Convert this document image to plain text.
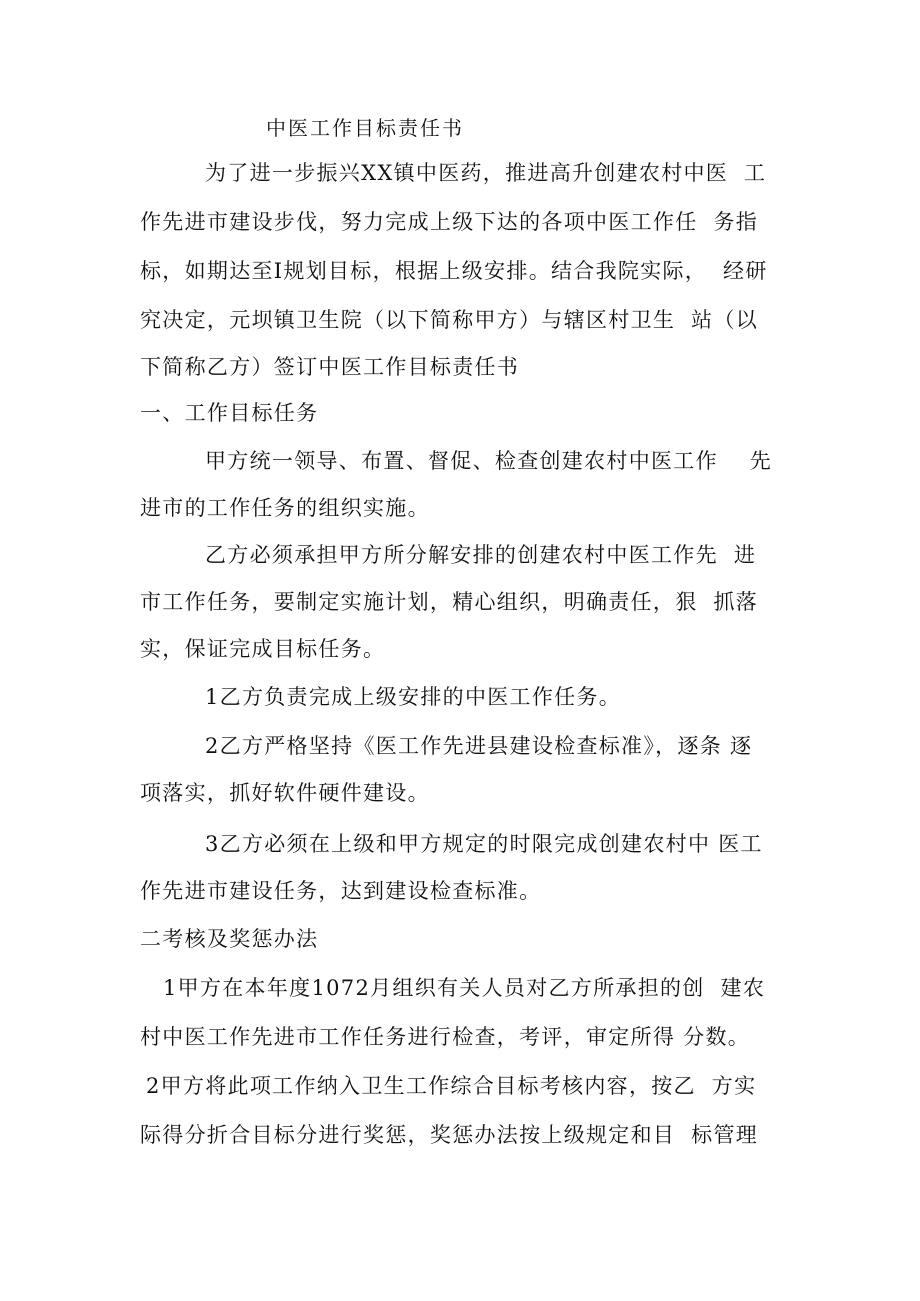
中医工作目标责任书
为了进一步振兴XX镇中医药，推进高升创建农村中医  工
作先进市建设步伐，努力完成上级下达的各项中医工作任  务指
标，如期达至I规划目标，根据上级安排。结合我院实际，  经研
究决定，元坝镇卫生院（以下简称甲方）与辖区村卫生  站（以
下简称乙方）签订中医工作目标责任书
一、工作目标任务
甲方统一领导、布置、督促、检查创建农村中医工作    先
进市的工作任务的组织实施。
乙方必须承担甲方所分解安排的创建农村中医工作先  进
市工作任务，要制定实施计划，精心组织，明确责任，狠  抓落
实，保证完成目标任务。
1乙方负责完成上级安排的中医工作任务。
2乙方严格坚持《医工作先进县建设检查标准》，逐条 逐
项落实，抓好软件硬件建设。
3乙方必须在上级和甲方规定的时限完成创建农村中 医工
作先进市建设任务，达到建设检查标准。
二考核及奖惩办法
1甲方在本年度1072月组织有关人员对乙方所承担的创  建农
村中医工作先进市工作任务进行检查，考评，审定所得 分数。
2甲方将此项工作纳入卫生工作综合目标考核内容，按乙  方实
际得分折合目标分进行奖惩，奖惩办法按上级规定和目  标管理
